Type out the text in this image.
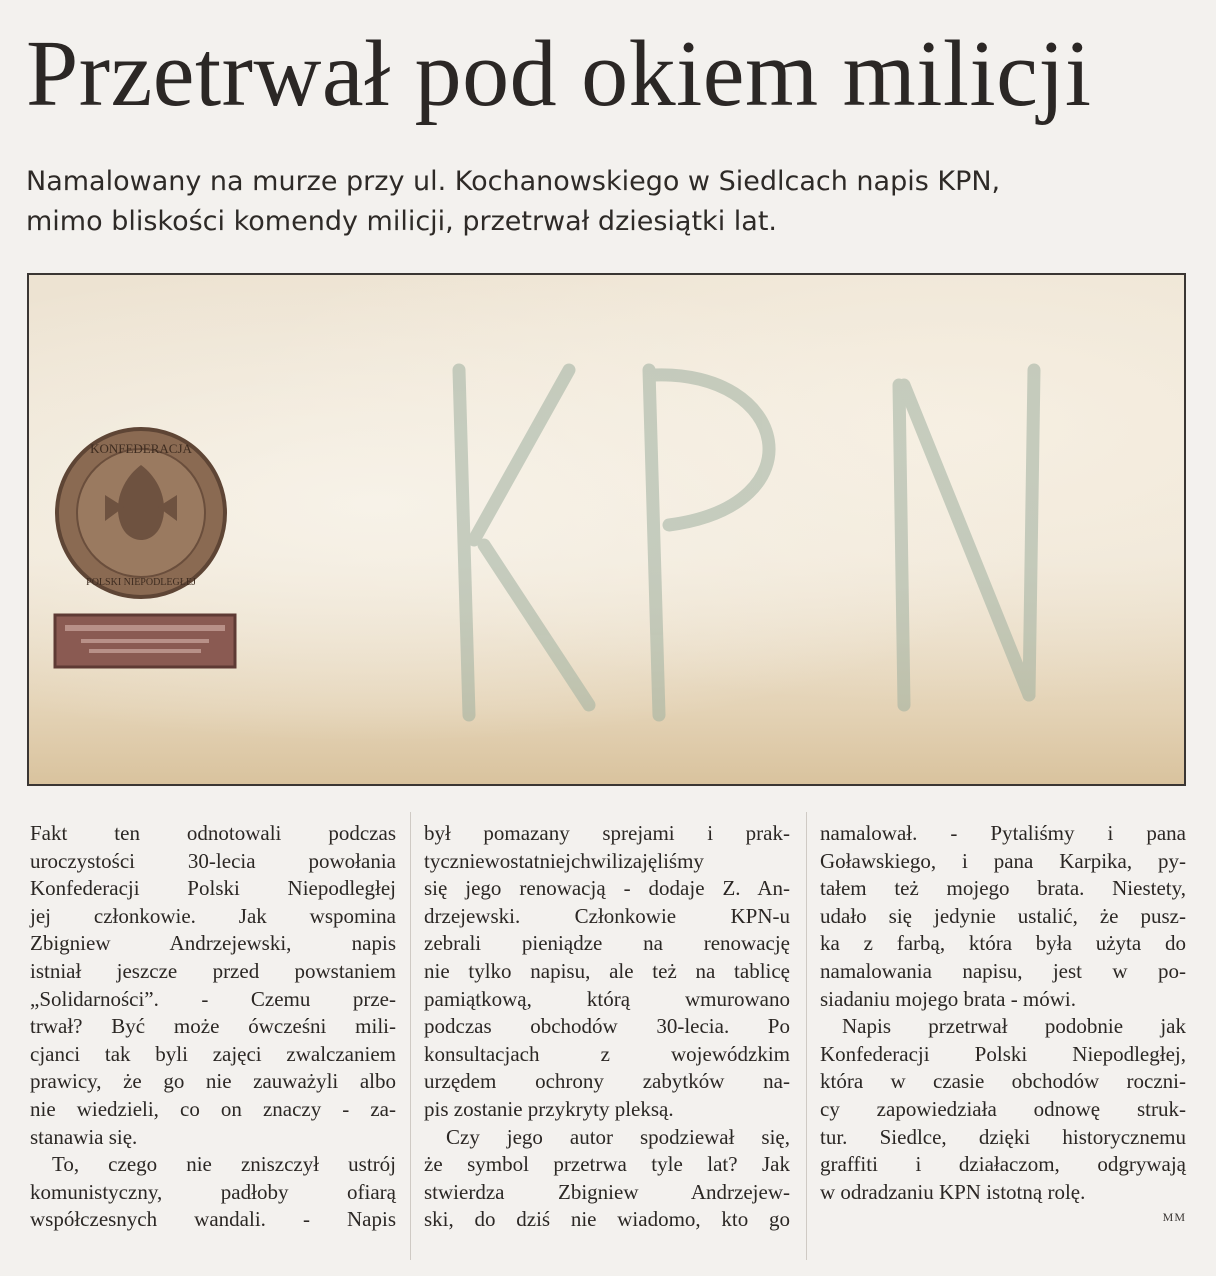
Przetrwał pod okiem milicji
Namalowany na murze przy ul. Kochanowskiego w Siedlcach napis KPN,
mimo bliskości komendy milicji, przetrwał dziesiątki lat.
KONFEDERACJA
POLSKI NIEPODLEGŁEJ
Fakt ten odnotowali podczas
uroczystości 30-lecia powołania
Konfederacji Polski Niepodległej
jej członkowie. Jak wspomina
Zbigniew Andrzejewski, napis
istniał jeszcze przed powstaniem
„Solidarności”. - Czemu prze-
trwał? Być może ówcześni mili-
cjanci tak byli zajęci zwalczaniem
prawicy, że go nie zauważyli albo
nie wiedzieli, co on znaczy - za-
stanawia się.
To, czego nie zniszczył ustrój
komunistyczny, padłoby ofiarą
współczesnych wandali. - Napis
był pomazany sprejami i prak-
tyczniewostatniejchwilizajęliśmy
się jego renowacją - dodaje Z. An-
drzejewski. Członkowie KPN-u
zebrali pieniądze na renowację
nie tylko napisu, ale też na tablicę
pamiątkową, którą wmurowano
podczas obchodów 30-lecia. Po
konsultacjach z wojewódzkim
urzędem ochrony zabytków na-
pis zostanie przykryty pleksą.
Czy jego autor spodziewał się,
że symbol przetrwa tyle lat? Jak
stwierdza Zbigniew Andrzejew-
ski, do dziś nie wiadomo, kto go
namalował. - Pytaliśmy i pana
Goławskiego, i pana Karpika, py-
tałem też mojego brata. Niestety,
udało się jedynie ustalić, że pusz-
ka z farbą, która była użyta do
namalowania napisu, jest w po-
siadaniu mojego brata - mówi.
Napis przetrwał podobnie jak
Konfederacji Polski Niepodległej,
która w czasie obchodów roczni-
cy zapowiedziała odnowę struk-
tur. Siedlce, dzięki historycznemu
graffiti i działaczom, odgrywają
w odradzaniu KPN istotną rolę.
MM
